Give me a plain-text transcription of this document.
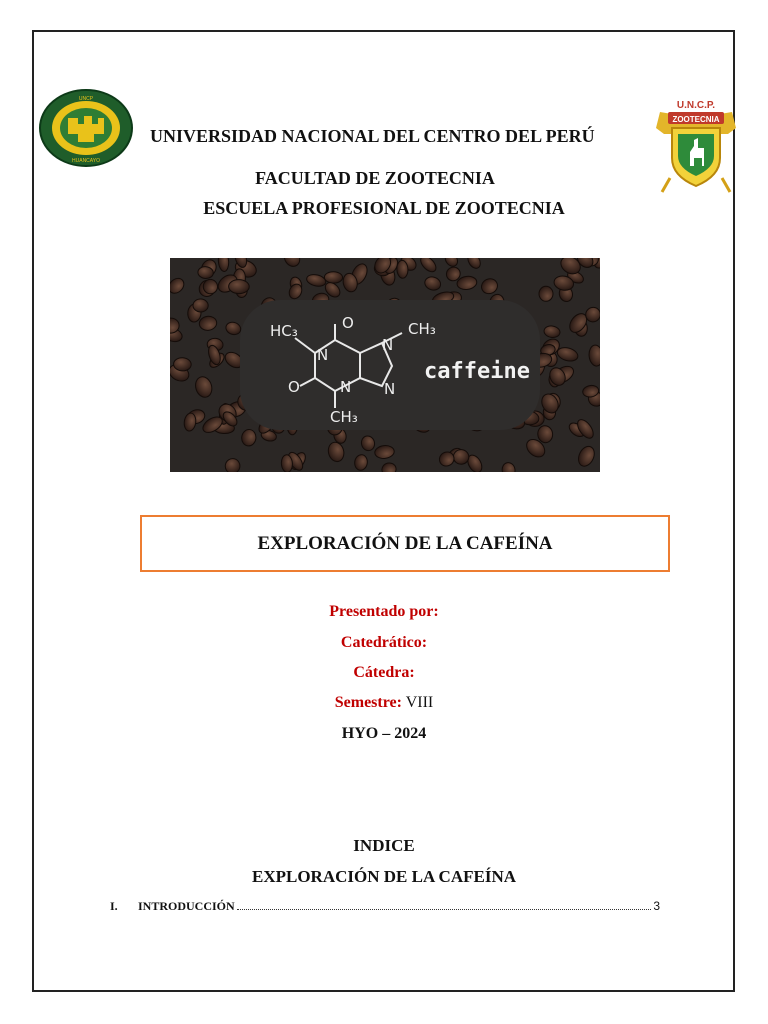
UNCP
HUANCAYO
U.N.C.P.
ZOOTECNIA
UNIVERSIDAD NACIONAL DEL CENTRO DEL PERÚ
FACULTAD DE ZOOTECNIA
ESCUELA PROFESIONAL DE ZOOTECNIA
HC₃	O
N
CH₃
O	N
N
N
CH₃
caffeine
EXPLORACIÓN DE LA CAFEÍNA
Presentado por:
Catedrático:
Cátedra:
Semestre: VIII
HYO – 2024
INDICE
EXPLORACIÓN DE LA CAFEÍNA
I.	INTRODUCCIÓN	3
